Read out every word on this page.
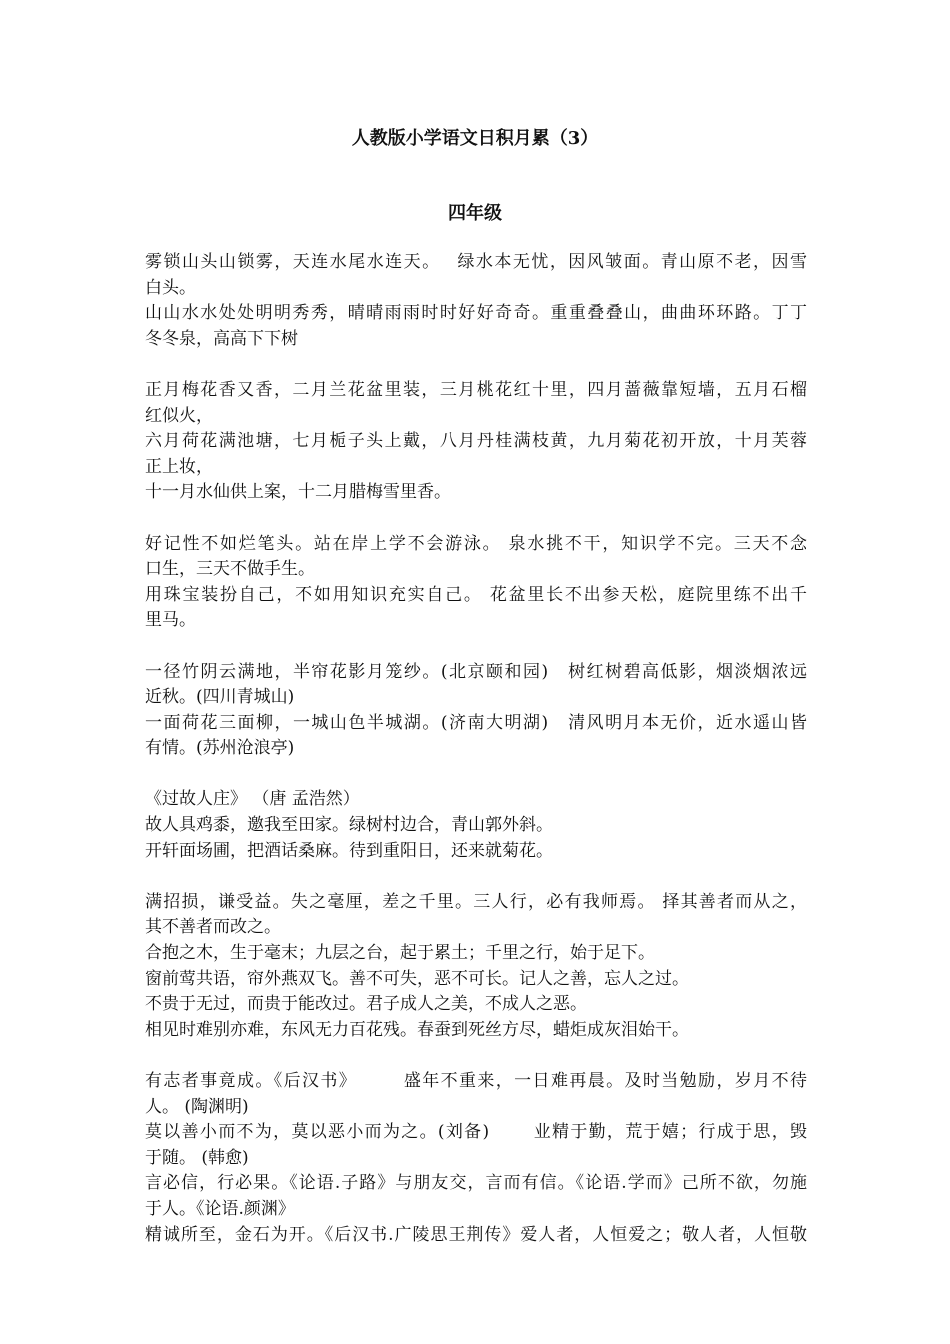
人教版小学语文日积月累（3）
四年级
雾锁山头山锁雾，天连水尾水连天。　 绿水本无忧，因风皱面。青山原不老，因雪
白头。
山山水水处处明明秀秀，晴晴雨雨时时好好奇奇。重重叠叠山，曲曲环环路。丁丁
冬冬泉，高高下下树
正月梅花香又香，二月兰花盆里装，三月桃花红十里，四月蔷薇靠短墙，五月石榴
红似火，
六月荷花满池塘，七月栀子头上戴，八月丹桂满枝黄，九月菊花初开放，十月芙蓉
正上妆，
十一月水仙供上案，十二月腊梅雪里香。
好记性不如烂笔头。站在岸上学不会游泳。 泉水挑不干，知识学不完。三天不念
口生，三天不做手生。
用珠宝装扮自己，不如用知识充实自己。 花盆里长不出参天松，庭院里练不出千
里马。
一径竹阴云满地，半帘花影月笼纱。(北京颐和园)　树红树碧高低影，烟淡烟浓远
近秋。(四川青城山)
一面荷花三面柳，一城山色半城湖。(济南大明湖)　清风明月本无价，近水遥山皆
有情。(苏州沧浪亭)
《过故人庄》 （唐 孟浩然）
故人具鸡黍，邀我至田家。绿树村边合，青山郭外斜。
开轩面场圃，把酒话桑麻。待到重阳日，还来就菊花。
满招损，谦受益。失之毫厘，差之千里。三人行，必有我师焉。 择其善者而从之，
其不善者而改之。
合抱之木，生于毫末；九层之台，起于累土；千里之行，始于足下。
窗前莺共语，帘外燕双飞。善不可失，恶不可长。记人之善，忘人之过。
不贵于无过，而贵于能改过。君子成人之美，不成人之恶。
相见时难别亦难，东风无力百花残。春蚕到死丝方尽，蜡炬成灰泪始干。
有志者事竟成。《后汉书》　　　盛年不重来，一日难再晨。及时当勉励，岁月不待
人。 (陶渊明)
莫以善小而不为，莫以恶小而为之。(刘备)　　 业精于勤，荒于嬉；行成于思，毁
于随。 (韩愈)
言必信，行必果。《论语.子路》与朋友交，言而有信。《论语.学而》己所不欲，勿施
于人。《论语.颜渊》
精诚所至，金石为开。《后汉书.广陵思王荆传》爱人者，人恒爱之；敬人者，人恒敬
